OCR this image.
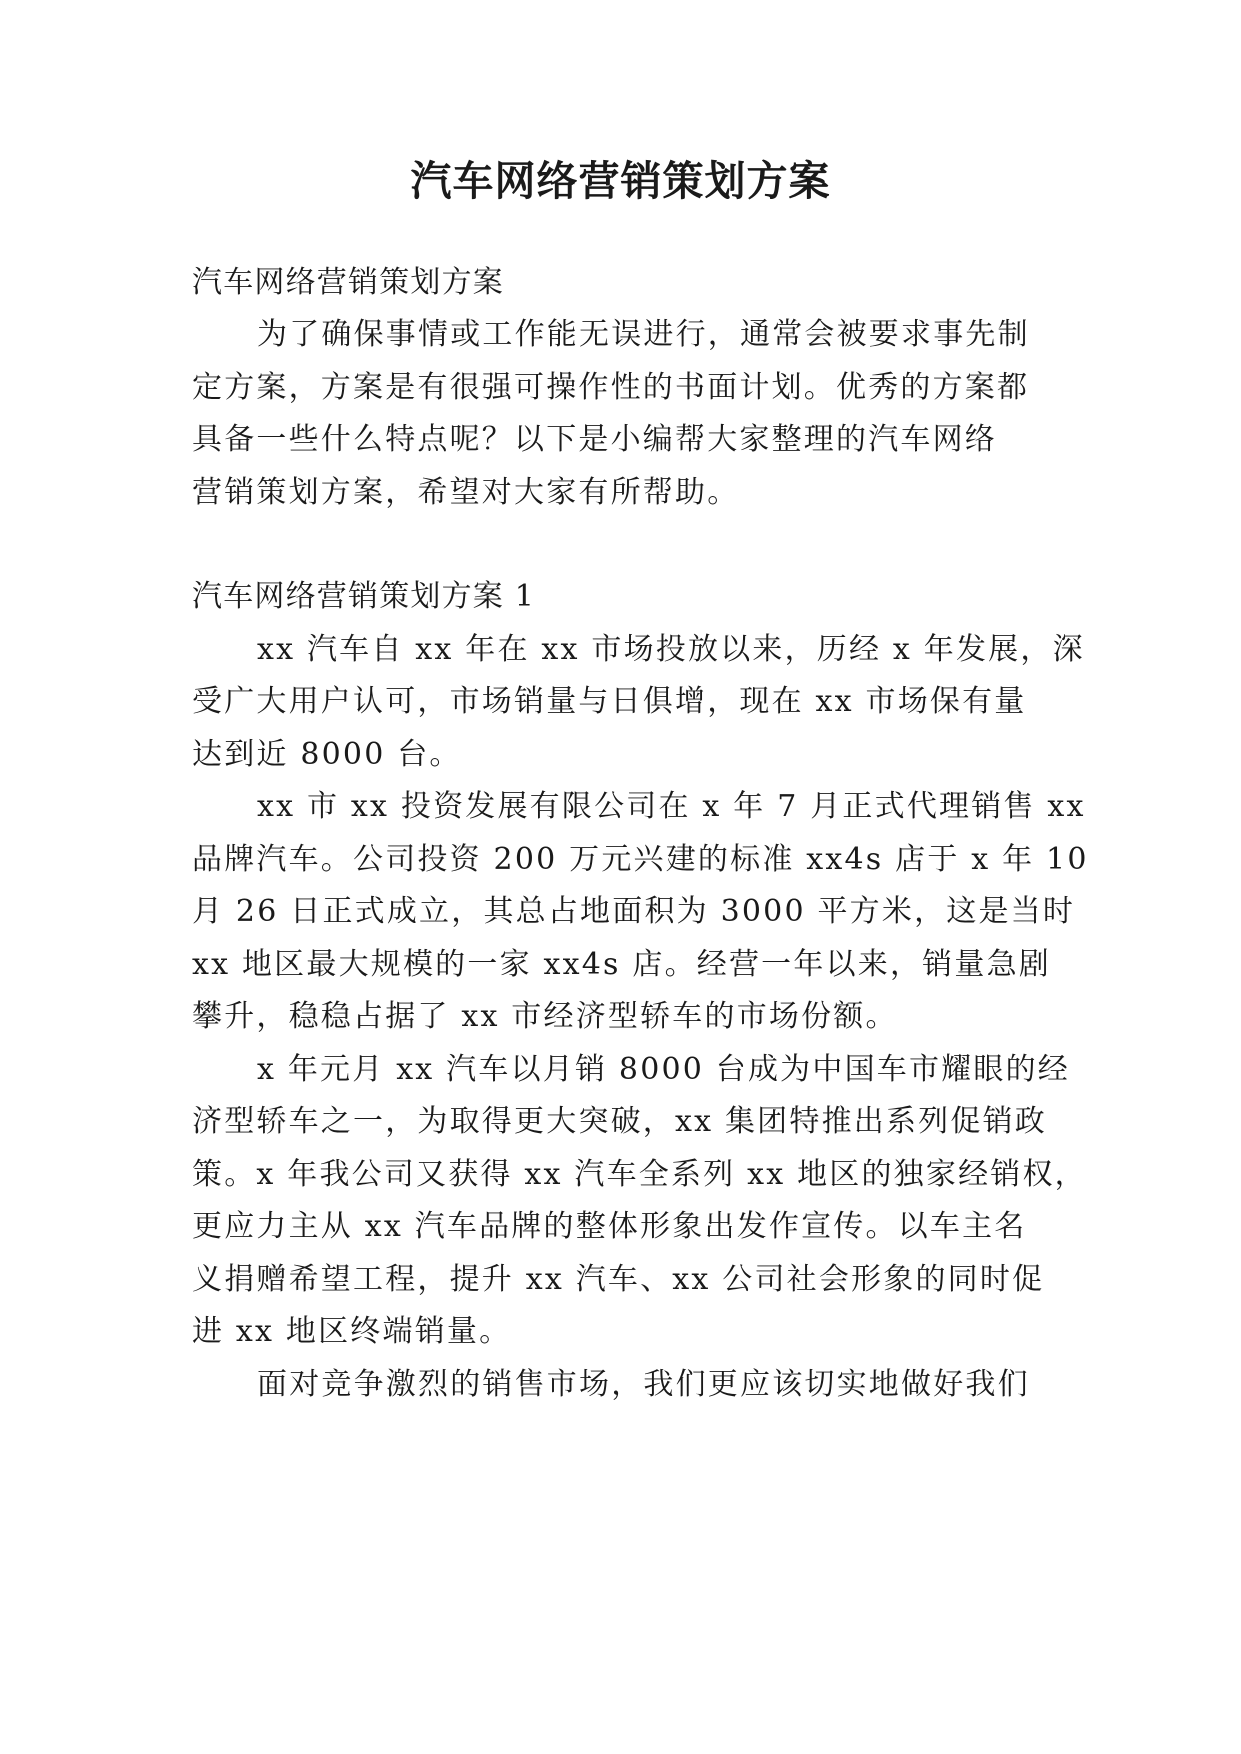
汽车网络营销策划方案

汽车网络营销策划方案

为了确保事情或工作能无误进行，通常会被要求事先制

定方案，方案是有很强可操作性的书面计划。优秀的方案都

具备一些什么特点呢？以下是小编帮大家整理的汽车网络

营销策划方案，希望对大家有所帮助。

汽车网络营销策划方案 1

xx 汽车自 xx 年在 xx 市场投放以来，历经 x 年发展，深

受广大用户认可，市场销量与日俱增，现在 xx 市场保有量

达到近 8000 台。

xx 市 xx 投资发展有限公司在 x 年 7 月正式代理销售 xx

品牌汽车。公司投资 200 万元兴建的标准 xx4s 店于 x 年 10

月 26 日正式成立，其总占地面积为 3000 平方米，这是当时

xx 地区最大规模的一家 xx4s 店。经营一年以来，销量急剧

攀升，稳稳占据了 xx 市经济型轿车的市场份额。

x 年元月 xx 汽车以月销 8000 台成为中国车市耀眼的经

济型轿车之一，为取得更大突破，xx 集团特推出系列促销政

策。x 年我公司又获得 xx 汽车全系列 xx 地区的独家经销权，

更应力主从 xx 汽车品牌的整体形象出发作宣传。以车主名

义捐赠希望工程，提升 xx 汽车、xx 公司社会形象的同时促

进 xx 地区终端销量。

面对竞争激烈的销售市场，我们更应该切实地做好我们
